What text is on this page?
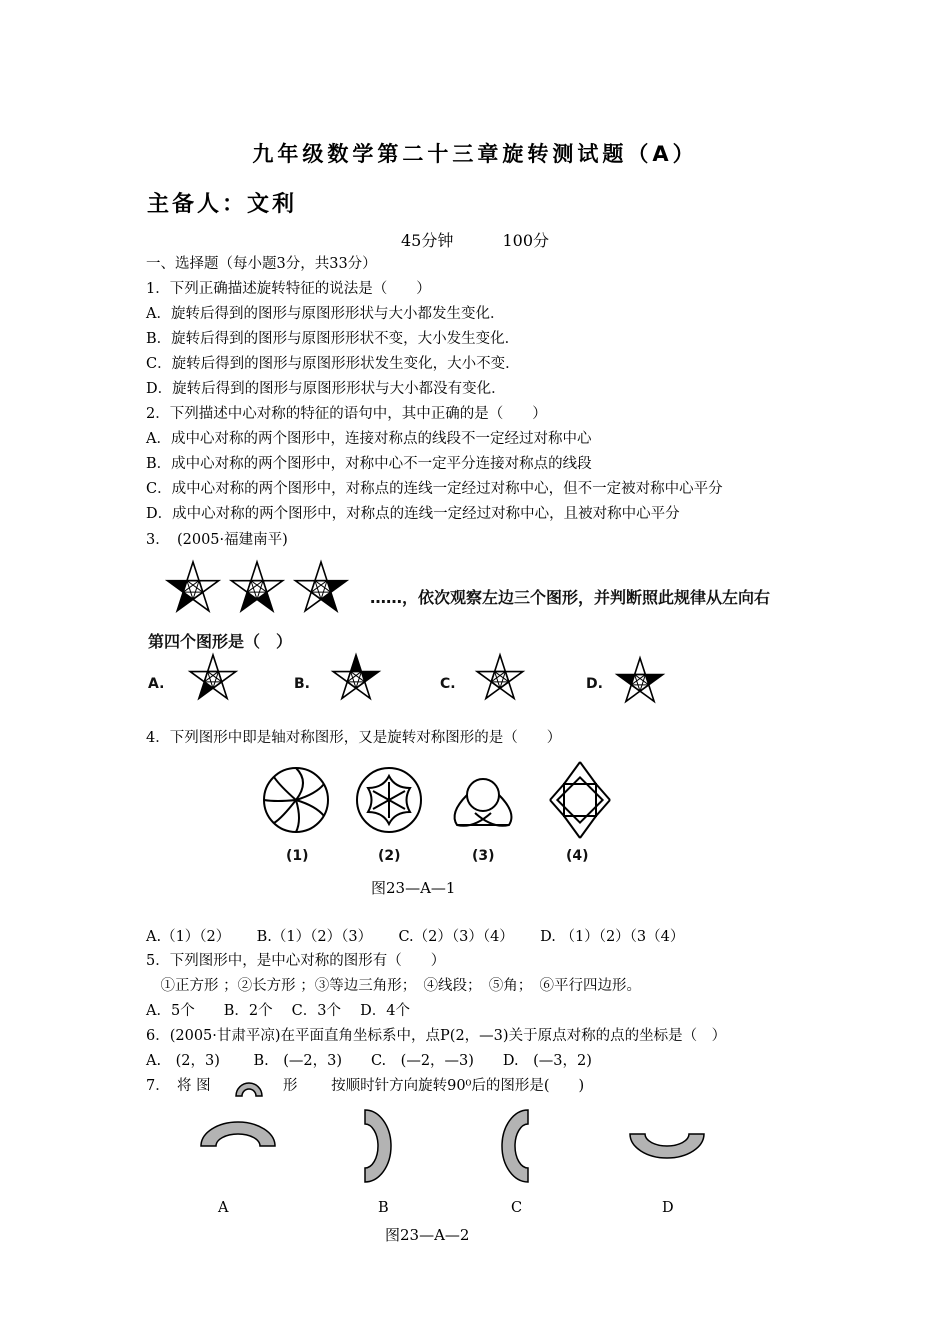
九年级数学第二十三章旋转测试题（A）
主备人：文利
45分钟	100分
一、选择题（每小题3分，共33分）
1．下列正确描述旋转特征的说法是（　　）
A．旋转后得到的图形与原图形形状与大小都发生变化．
B．旋转后得到的图形与原图形形状不变，大小发生变化．
C．旋转后得到的图形与原图形形状发生变化，大小不变．
D．旋转后得到的图形与原图形形状与大小都没有变化．
2．下列描述中心对称的特征的语句中，其中正确的是（　　）
A．成中心对称的两个图形中，连接对称点的线段不一定经过对称中心
B．成中心对称的两个图形中，对称中心不一定平分连接对称点的线段
C．成中心对称的两个图形中，对称点的连线一定经过对称中心，但不一定被对称中心平分
D．成中心对称的两个图形中，对称点的连线一定经过对称中心，且被对称中心平分
3．　(2005·福建南平)
……，依次观察左边三个图形，并判断照此规律从左向右
第四个图形是（　）
A.	B.	C.	D.
4．下列图形中即是轴对称图形，又是旋转对称图形的是（　　）
(1)	(2)	(3)	(4)
图23—A—1
A.（1）（2）　　 B.（1）（2）（3）　　 C.（2）（3）（4）　　 D. （1）（2）（3（4）
5．下列图形中，是中心对称的图形有（　　）
　①正方形 ；②长方形 ；③等边三角形；　④线段；　⑤角；　⑥平行四边形。
A．5个　　B．2个　 C．3个　 D．4个
6．(2005·甘肃平凉)在平面直角坐标系中，点P(2，—3)关于原点对称的点的坐标是（　）
A.　(2，3)　　 B.　(—2，3)　　C.　(—2，—3)　　D.　(—3，2)
7．　将 图	形　　 按顺时针方向旋转90⁰后的图形是(　　)
A	B	C	D
图23—A—2
